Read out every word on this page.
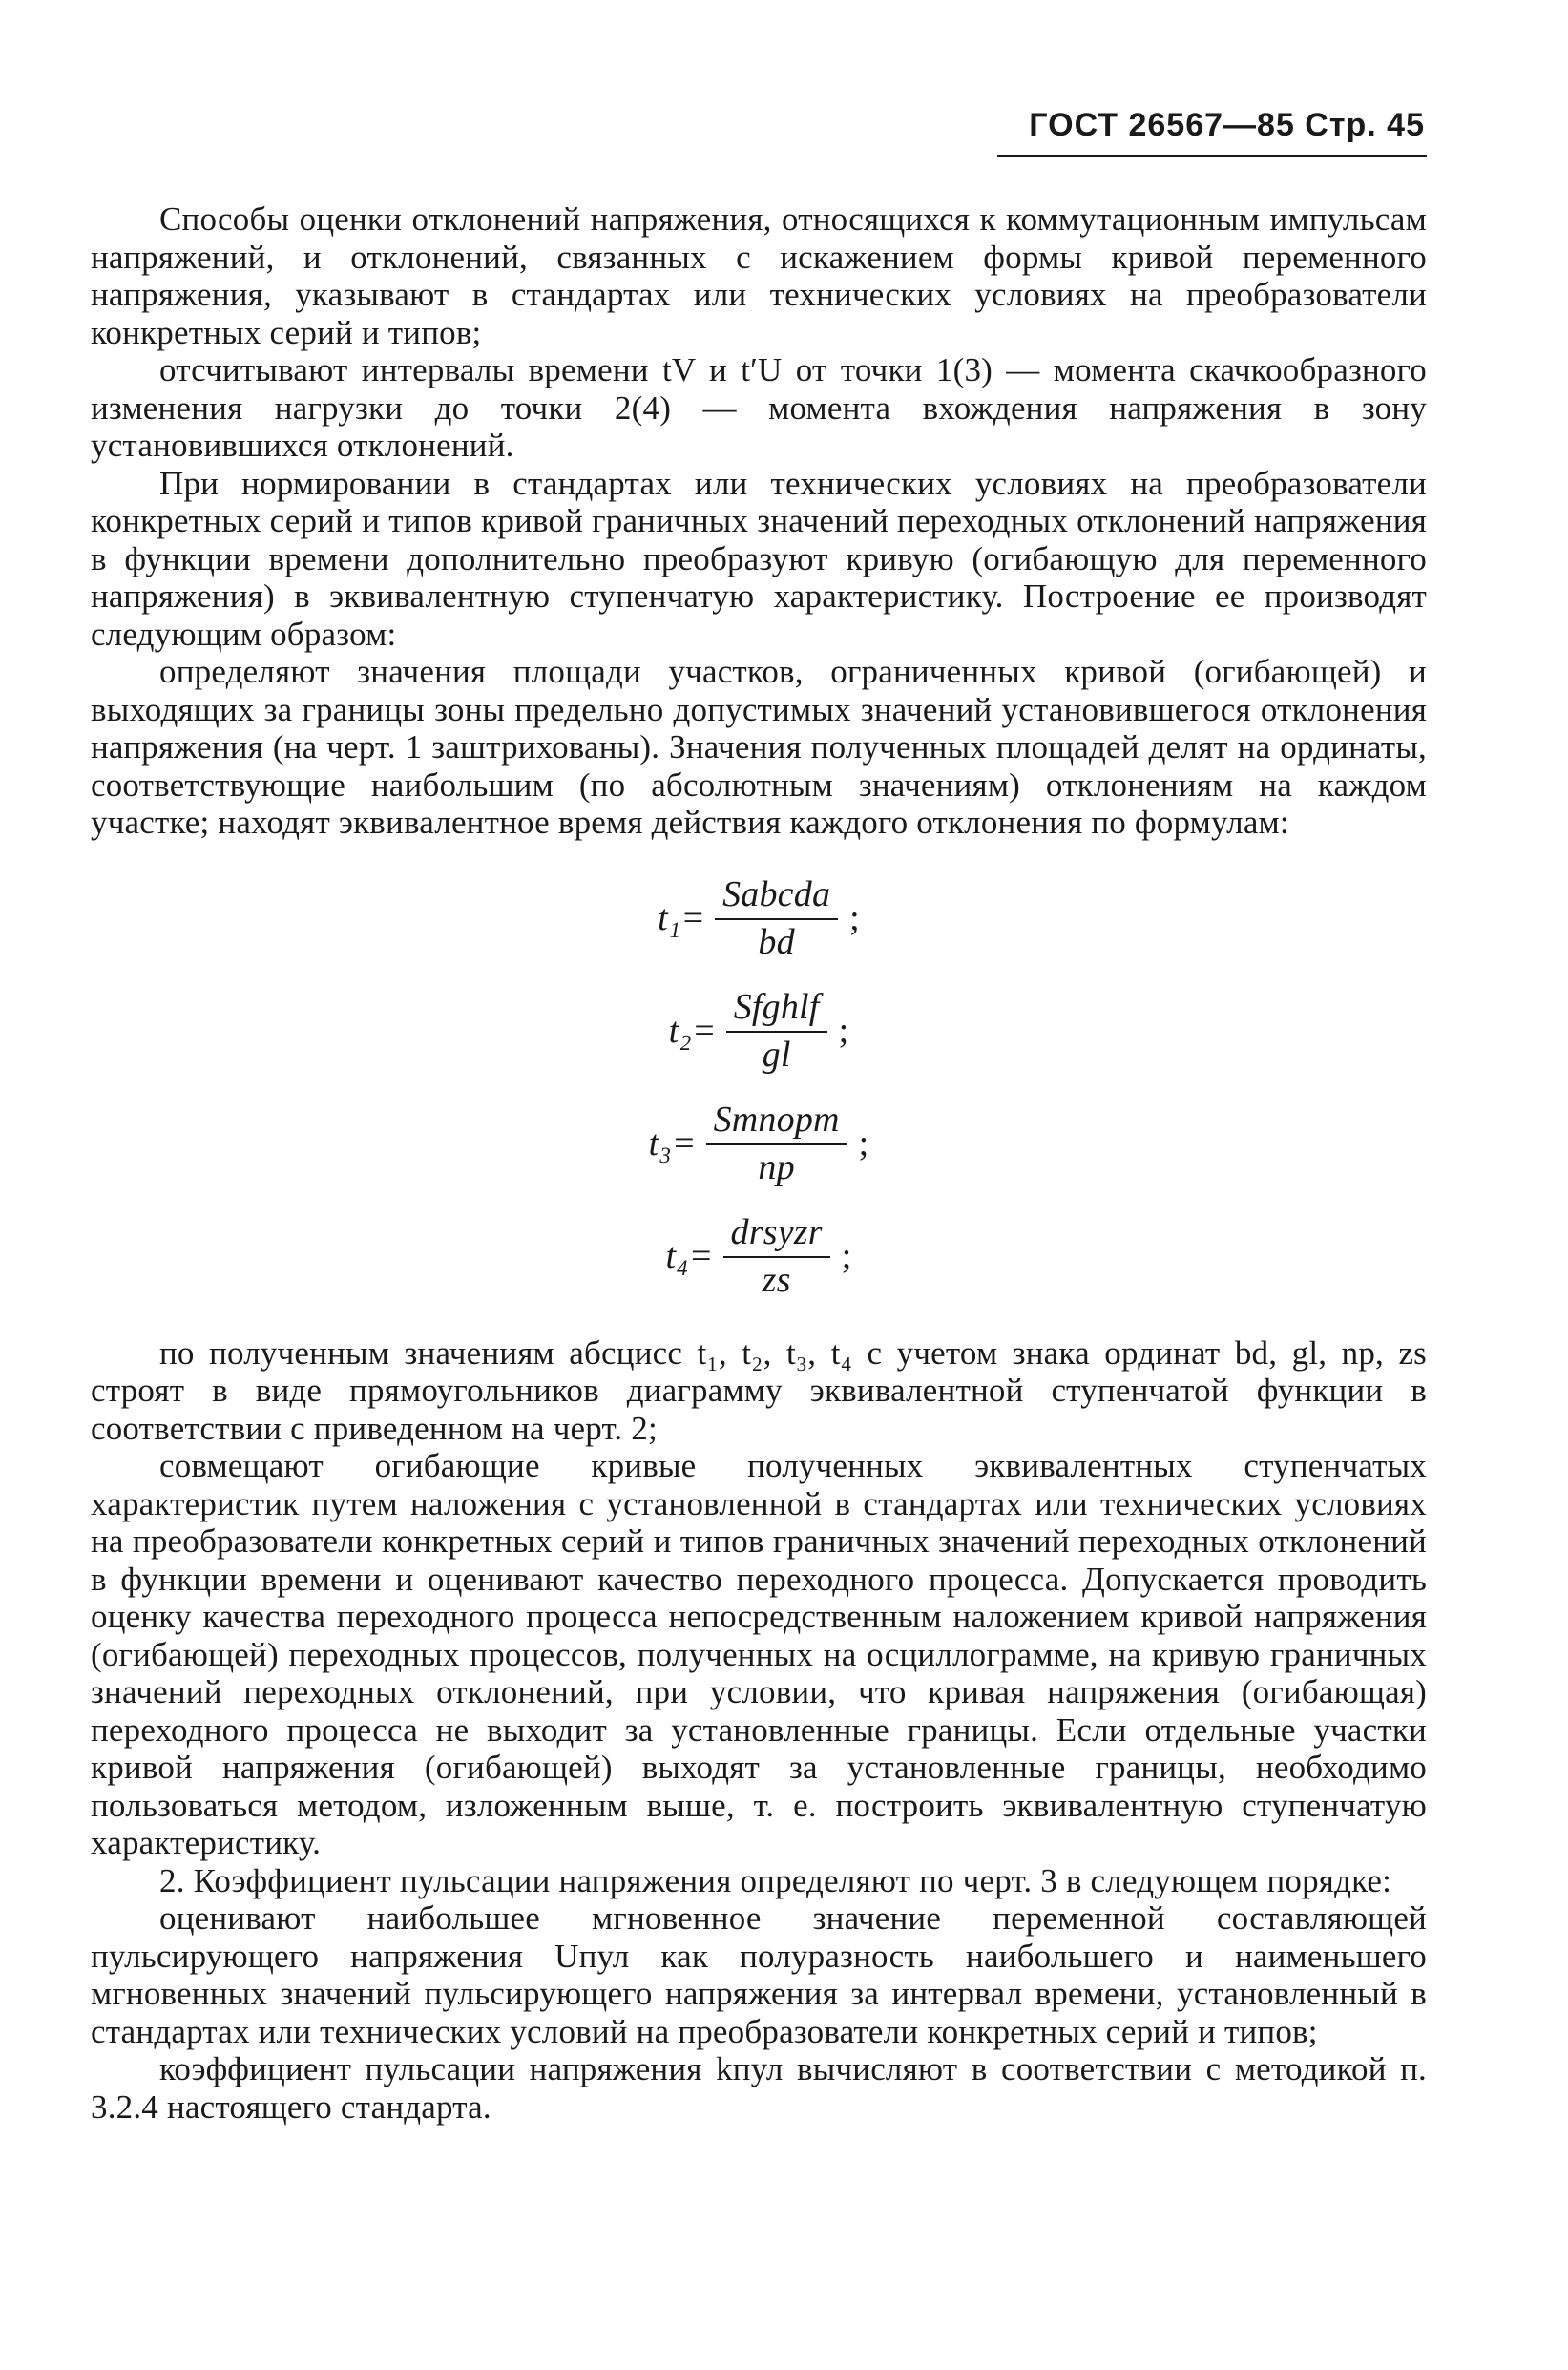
ГОСТ 26567—85 Стр. 45

Способы оценки отклонений напряжения, относящихся к коммутационным импульсам напряжений, и отклонений, связанных с искажением формы кривой переменного напряжения, указывают в стандартах или технических условиях на преобразователи конкретных серий и типов;

отсчитывают интервалы времени tV и t′U от точки 1(3) — момента скачкообразного изменения нагрузки до точки 2(4) — момента вхождения напряжения в зону установившихся отклонений.

При нормировании в стандартах или технических условиях на преобразователи конкретных серий и типов кривой граничных значений переходных отклонений напряжения в функции времени дополнительно преобразуют кривую (огибающую для переменного напряжения) в эквивалентную ступенчатую характеристику. Построение ее производят следующим образом:

определяют значения площади участков, ограниченных кривой (огибающей) и выходящих за границы зоны предельно допустимых значений установившегося отклонения напряжения (на черт. 1 заштрихованы). Значения полученных площадей делят на ординаты, соответствующие наибольшим (по абсолютным значениям) отклонениям на каждом участке; находят эквивалентное время действия каждого отклонения по формулам:

$t_1= \frac{\text{Sabcda}}{bd}$ ;
$t_2= \frac{\text{Sfghlf}}{gl}$ ;
$t_3= \frac{\text{Smnopm}}{np}$ ;
$t_4= \frac{\text{drsyzr}}{zs}$ ;

по полученным значениям абсцисс t₁, t₂, t₃, t₄ с учетом знака ординат bd, gl, np, zs строят в виде прямоугольников диаграмму эквивалентной ступенчатой функции в соответствии с приведенном на черт. 2;

совмещают огибающие кривые полученных эквивалентных ступенчатых характеристик путем наложения с установленной в стандартах или технических условиях на преобразователи конкретных серий и типов граничных значений переходных отклонений в функции времени и оценивают качество переходного процесса. Допускается проводить оценку качества переходного процесса непосредственным наложением кривой напряжения (огибающей) переходных процессов, полученных на осциллограмме, на кривую граничных значений переходных отклонений, при условии, что кривая напряжения (огибающая) переходного процесса не выходит за установленные границы. Если отдельные участки кривой напряжения (огибающей) выходят за установленные границы, необходимо пользоваться методом, изложенным выше, т. е. построить эквивалентную ступенчатую характеристику.

2. Коэффициент пульсации напряжения определяют по черт. 3 в следующем порядке:

оценивают наибольшее мгновенное значение переменной составляющей пульсирующего напряжения Uпул как полуразность наибольшего и наименьшего мгновенных значений пульсирующего напряжения за интервал времени, установленный в стандартах или технических условий на преобразователи конкретных серий и типов;

коэффициент пульсации напряжения kпул вычисляют в соответствии с методикой п. 3.2.4 настоящего стандарта.
